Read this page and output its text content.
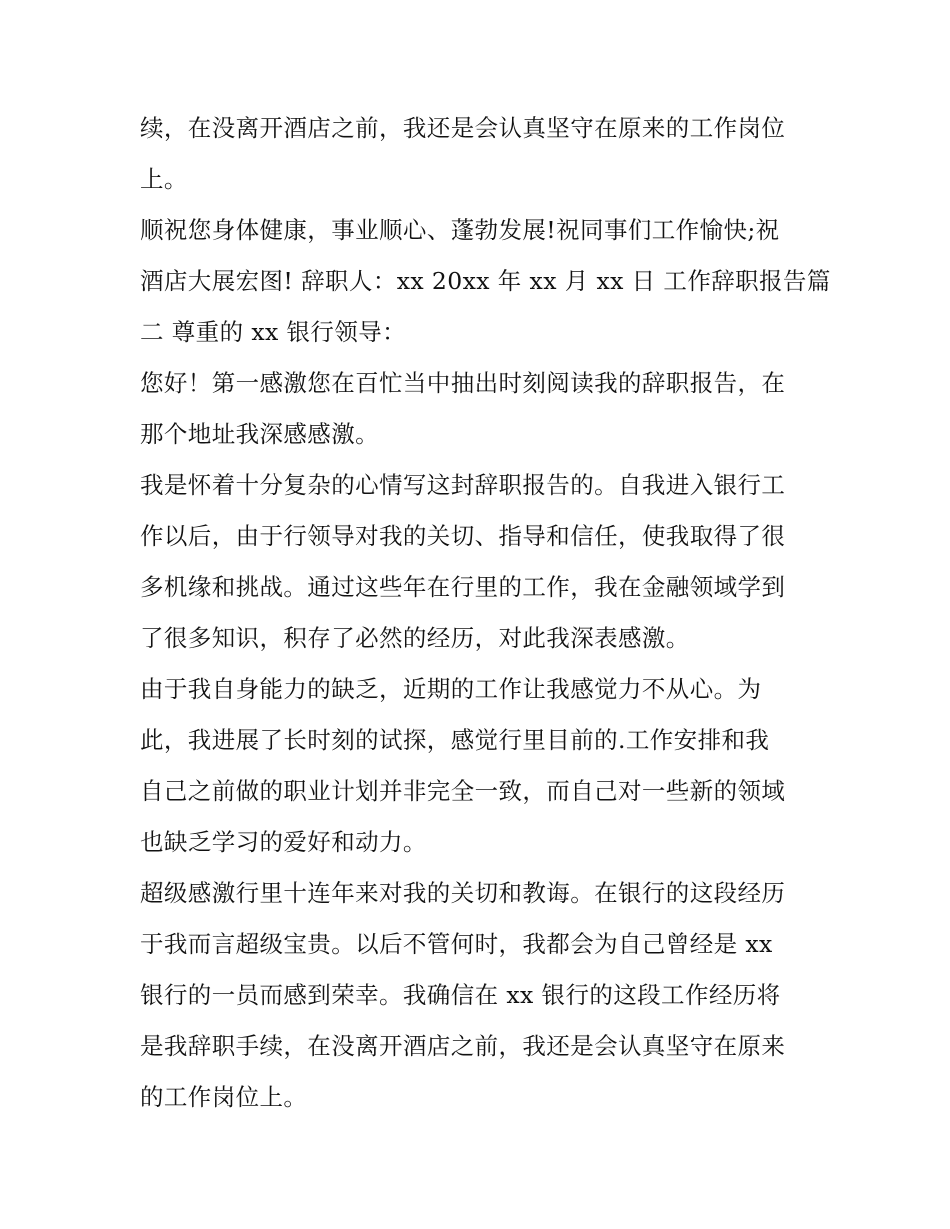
续，在没离开酒店之前，我还是会认真坚守在原来的工作岗位
上。
顺祝您身体健康，事业顺心、蓬勃发展!祝同事们工作愉快;祝
酒店大展宏图! 辞职人：xx 20xx 年 xx 月 xx 日 工作辞职报告篇
二 尊重的 xx 银行领导：
您好！第一感激您在百忙当中抽出时刻阅读我的辞职报告，在
那个地址我深感感激。
我是怀着十分复杂的心情写这封辞职报告的。自我进入银行工
作以后，由于行领导对我的关切、指导和信任，使我取得了很
多机缘和挑战。通过这些年在行里的工作，我在金融领域学到
了很多知识，积存了必然的经历，对此我深表感激。
由于我自身能力的缺乏，近期的工作让我感觉力不从心。为
此，我进展了长时刻的试探，感觉行里目前的.工作安排和我
自己之前做的职业计划并非完全一致，而自己对一些新的领域
也缺乏学习的爱好和动力。
超级感激行里十连年来对我的关切和教诲。在银行的这段经历
于我而言超级宝贵。以后不管何时，我都会为自己曾经是 xx
银行的一员而感到荣幸。我确信在 xx 银行的这段工作经历将
是我辞职手续，在没离开酒店之前，我还是会认真坚守在原来
的工作岗位上。
